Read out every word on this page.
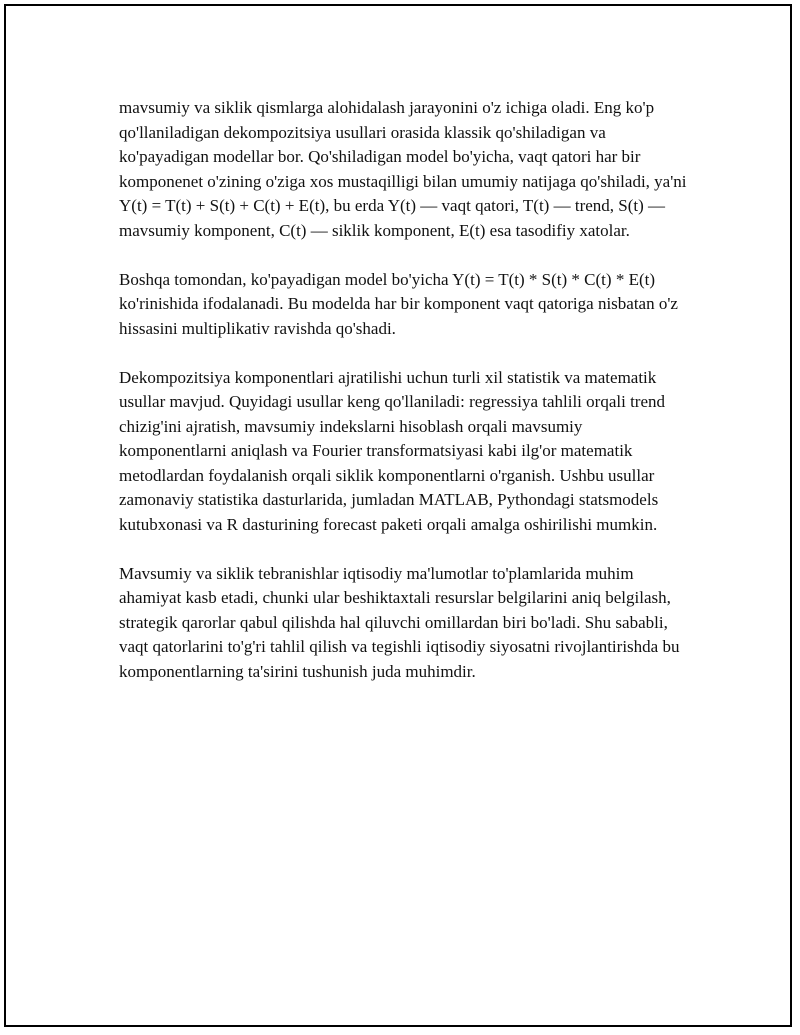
mavsumiy va siklik qismlarga alohidalash jarayonini o'z ichiga oladi. Eng ko'p qo'llaniladigan dekompozitsiya usullari orasida klassik qo'shiladigan va ko'payadigan modellar bor. Qo'shiladigan model bo'yicha, vaqt qatori har bir komponenet o'zining o'ziga xos mustaqilligi bilan umumiy natijaga qo'shiladi, ya'ni Y(t) = T(t) + S(t) + C(t) + E(t), bu erda Y(t) — vaqt qatori, T(t) — trend, S(t) — mavsumiy komponent, C(t) — siklik komponent, E(t) esa tasodifiy xatolar.

Boshqa tomondan, ko'payadigan model bo'yicha Y(t) = T(t) * S(t) * C(t) * E(t) ko'rinishida ifodalanadi. Bu modelda har bir komponent vaqt qatoriga nisbatan o'z hissasini multiplikativ ravishda qo'shadi.

Dekompozitsiya komponentlari ajratilishi uchun turli xil statistik va matematik usullar mavjud. Quyidagi usullar keng qo'llaniladi: regressiya tahlili orqali trend chizig'ini ajratish, mavsumiy indekslarni hisoblash orqali mavsumiy komponentlarni aniqlash va Fourier transformatsiyasi kabi ilg'or matematik metodlardan foydalanish orqali siklik komponentlarni o'rganish. Ushbu usullar zamonaviy statistika dasturlarida, jumladan MATLAB, Pythondagi statsmodels kutubxonasi va R dasturining forecast paketi orqali amalga oshirilishi mumkin.

Mavsumiy va siklik tebranishlar iqtisodiy ma'lumotlar to'plamlarida muhim ahamiyat kasb etadi, chunki ular beshiktaxtali resurslar belgilarini aniq belgilash, strategik qarorlar qabul qilishda hal qiluvchi omillardan biri bo'ladi. Shu sababli, vaqt qatorlarini to'g'ri tahlil qilish va tegishli iqtisodiy siyosatni rivojlantirishda bu komponentlarning ta'sirini tushunish juda muhimdir.
